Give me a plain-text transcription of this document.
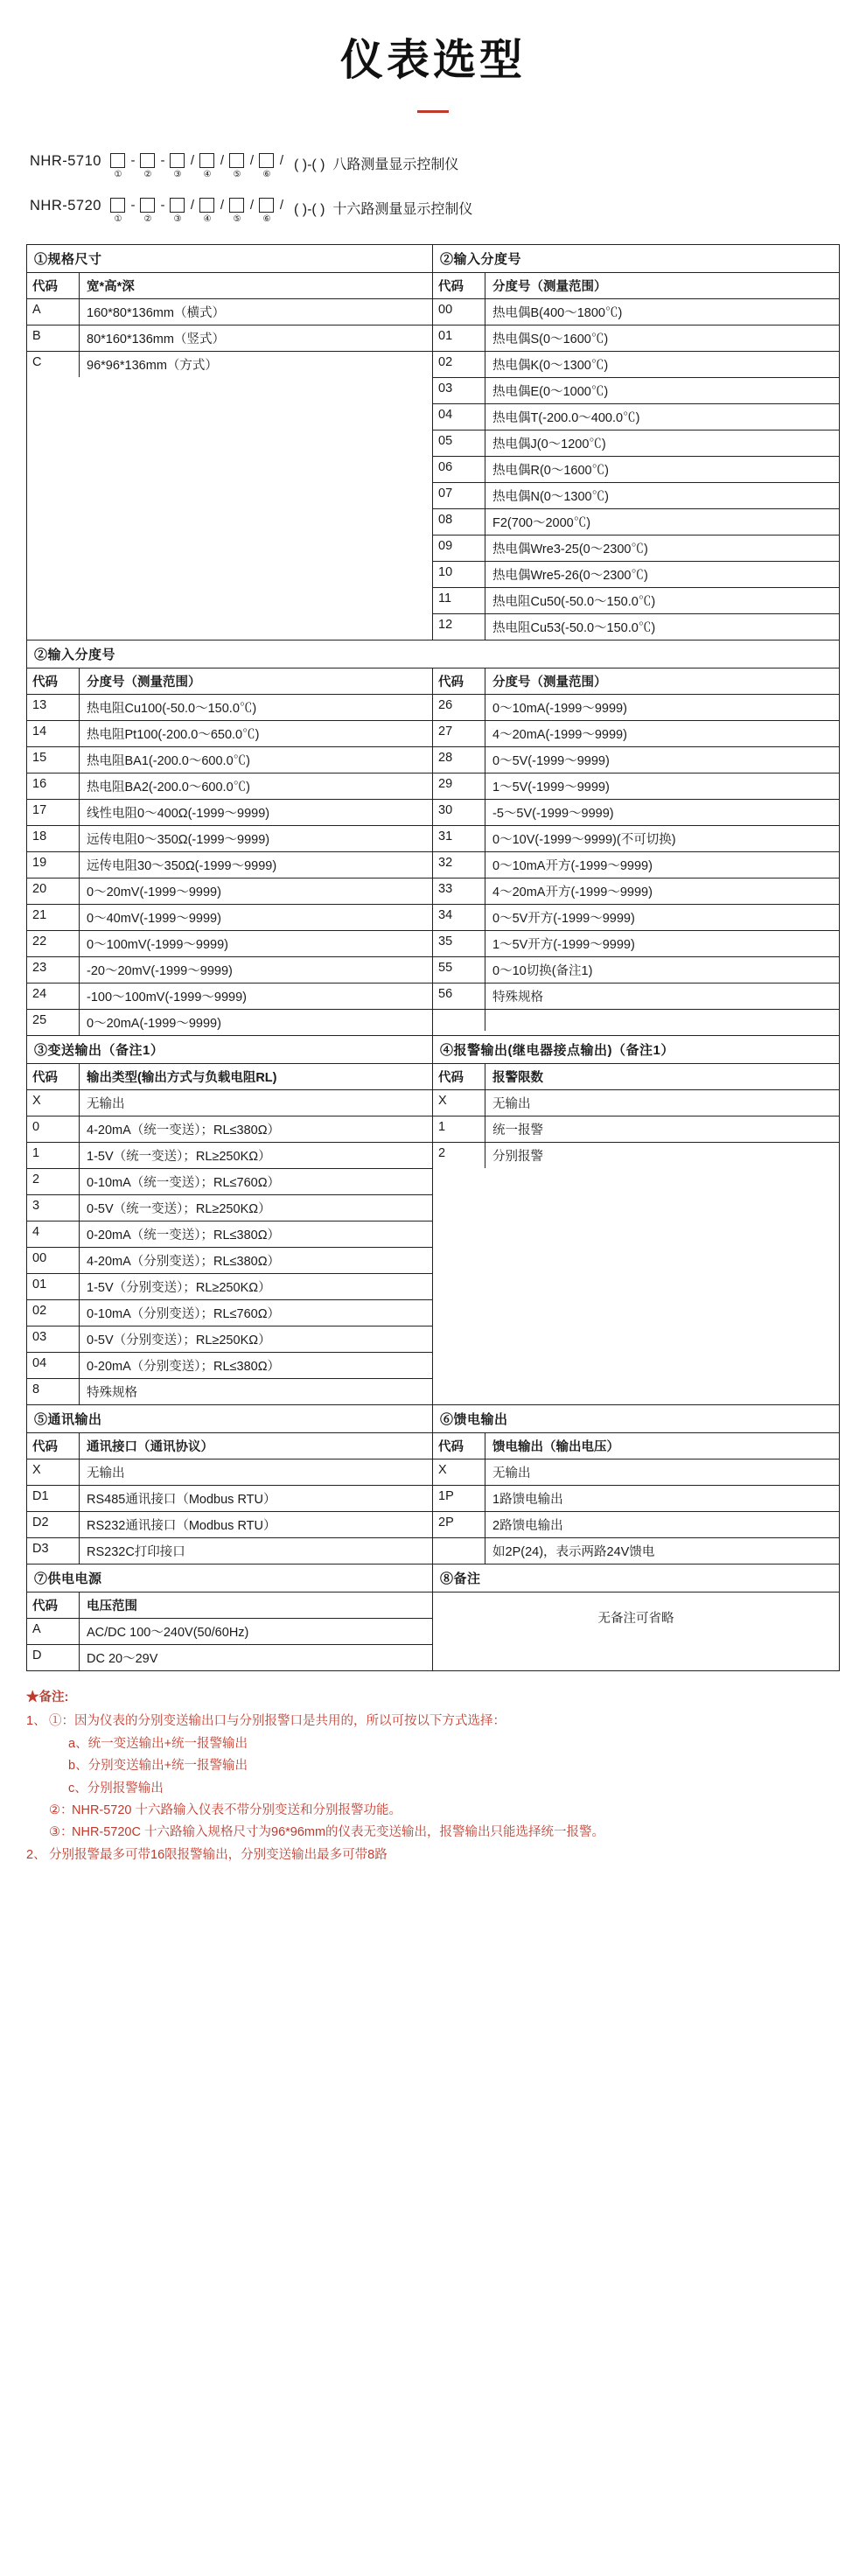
仪表选型
NHR-5710
①
-
②
-
③
/
④
/
⑤
/
⑥
/ ( )-( ) 八路测量显示控制仪
NHR-5720
①
-
②
-
③
/
④
/
⑤
/
⑥
/ ( )-( ) 十六路测量显示控制仪
①规格尺寸
代码	宽*高*深
A	160*80*136mm（横式）
B	80*160*136mm（竖式）
C	96*96*136mm（方式）
②输入分度号
代码	分度号（测量范围）
00	热电偶B(400～1800℃)
01	热电偶S(0～1600℃)
02	热电偶K(0～1300℃)
03	热电偶E(0～1000℃)
04	热电偶T(-200.0～400.0℃)
05	热电偶J(0～1200℃)
06	热电偶R(0～1600℃)
07	热电偶N(0～1300℃)
08	F2(700～2000℃)
09	热电偶Wre3-25(0～2300℃)
10	热电偶Wre5-26(0～2300℃)
11	热电阻Cu50(-50.0～150.0℃)
12	热电阻Cu53(-50.0～150.0℃)
②输入分度号
代码	分度号（测量范围）
13	热电阻Cu100(-50.0～150.0℃)
14	热电阻Pt100(-200.0～650.0℃)
15	热电阻BA1(-200.0～600.0℃)
16	热电阻BA2(-200.0～600.0℃)
17	线性电阻0～400Ω(-1999～9999)
18	远传电阻0～350Ω(-1999～9999)
19	远传电阻30～350Ω(-1999～9999)
20	0～20mV(-1999～9999)
21	0～40mV(-1999～9999)
22	0～100mV(-1999～9999)
23	-20～20mV(-1999～9999)
24	-100～100mV(-1999～9999)
25	0～20mA(-1999～9999)
代码	分度号（测量范围）
26	0～10mA(-1999～9999)
27	4～20mA(-1999～9999)
28	0～5V(-1999～9999)
29	1～5V(-1999～9999)
30	-5～5V(-1999～9999)
31	0～10V(-1999～9999)(不可切换)
32	0～10mA开方(-1999～9999)
33	4～20mA开方(-1999～9999)
34	0～5V开方(-1999～9999)
35	1～5V开方(-1999～9999)
55	0～10切换(备注1)
56	特殊规格

③变送输出（备注1）
代码	输出类型(输出方式与负载电阻RL)
X	无输出
0	4-20mA（统一变送）；RL≤380Ω）
1	1-5V（统一变送）；RL≥250KΩ）
2	0-10mA（统一变送）；RL≤760Ω）
3	0-5V（统一变送）；RL≥250KΩ）
4	0-20mA（统一变送）；RL≤380Ω）
00	4-20mA（分别变送）；RL≤380Ω）
01	1-5V（分别变送）；RL≥250KΩ）
02	0-10mA（分别变送）；RL≤760Ω）
03	0-5V（分别变送）；RL≥250KΩ）
04	0-20mA（分别变送）；RL≤380Ω）
8	特殊规格
④报警输出(继电器接点输出)（备注1）
代码	报警限数
X	无输出
1	统一报警
2	分别报警
⑤通讯输出
代码	通讯接口（通讯协议）
X	无输出
D1	RS485通讯接口（Modbus RTU）
D2	RS232通讯接口（Modbus RTU）
D3	RS232C打印接口
⑥馈电输出
代码	馈电输出（输出电压）
X	无输出
1P	1路馈电输出
2P	2路馈电输出
如2P(24)，表示两路24V馈电
⑦供电电源
代码	电压范围
A	AC/DC 100～240V(50/60Hz)
D	DC 20～29V
⑧备注
无备注可省略
★备注:
1、 ①：因为仪表的分别变送输出口与分别报警口是共用的，所以可按以下方式选择：
a、统一变送输出+统一报警输出
b、分别变送输出+统一报警输出
c、分别报警输出
②：
NHR-5720 十六路输入仪表不带分别变送和分别报警功能。
③：
NHR-5720C 十六路输入规格尺寸为96*96mm的仪表无变送输出，报警输出只能选择统一报警。
2、 分别报警最多可带16限报警输出，分别变送输出最多可带8路
